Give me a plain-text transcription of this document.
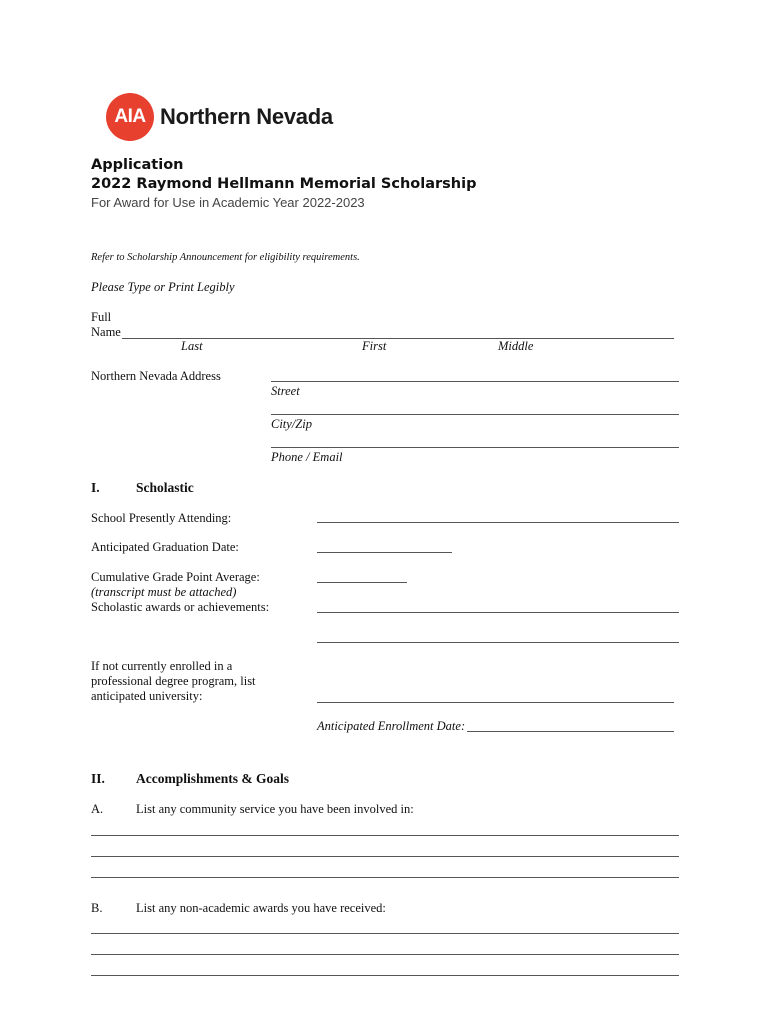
AIA Northern Nevada
Application
2022 Raymond Hellmann Memorial Scholarship
For Award for Use in Academic Year 2022-2023
Refer to Scholarship Announcement for eligibility requirements.
Please Type or Print Legibly
Full
Name
Last	First	Middle
Northern Nevada Address
Street
City/Zip
Phone / Email
I.	Scholastic
School Presently Attending:
Anticipated Graduation Date:
Cumulative Grade Point Average:
(transcript must be attached)
Scholastic awards or achievements:
If not currently enrolled in a
professional degree program, list
anticipated university:
Anticipated Enrollment Date:
II. Accomplishments & Goals
A.	List any community service you have been involved in:
B.	List any non-academic awards you have received:
